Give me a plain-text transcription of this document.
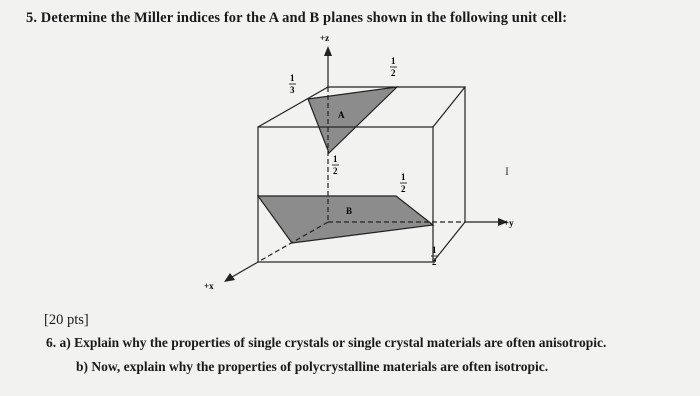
5. Determine the Miller indices for the A and B planes shown in the following unit cell:
+z
+y
+x
A
B
1
3
1
2
1
2
1
2
1
2
I
[20 pts]
6. a) Explain why the properties of single crystals or single crystal materials are often anisotropic.
b) Now, explain why the properties of polycrystalline materials are often isotropic.
